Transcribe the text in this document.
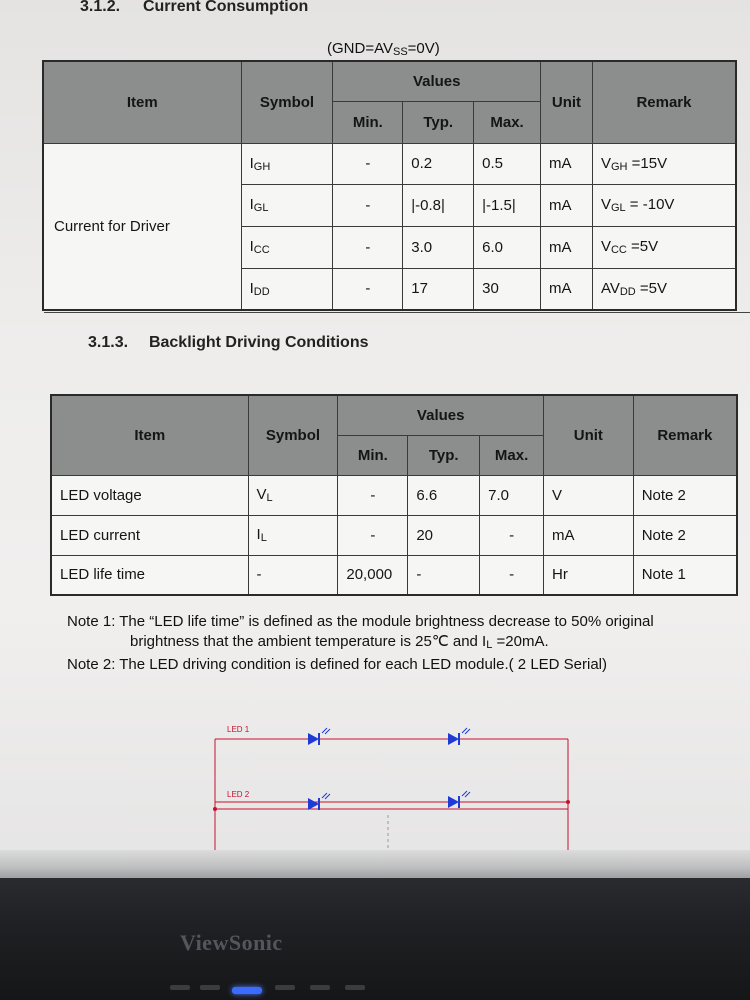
3.1.2. Current Consumption
$(GND=AV_{SS}=0V)$
Item	Symbol	Values			Unit	Remark
		Min.	Typ.	Max.		
Current for Driver	$I_{GH}$	-	0.2	0.5	mA	$V_{GH} =15V$
	$I_{GL}$	-	|-0.8|	|-1.5|	mA	$V_{GL} = -10V$
	$I_{CC}$	-	3.0	6.0	mA	$V_{CC} =5V$
	$I_{DD}$	-	17	30	mA	$AV_{DD} =5V$
3.1.3. Backlight Driving Conditions
Item	Symbol	Values			Unit	Remark
		Min.	Typ.	Max.		
LED voltage	$V_L$	-	6.6	7.0	V	Note 2
LED current	$I_L$	-	20	-	mA	Note 2
LED life time	-	20,000	-	-	Hr	Note 1
Note 1: The “LED life time” is defined as the module brightness decrease to 50% original
brightness that the ambient temperature is 25℃ and $I_L =20mA$.
Note 2: The LED driving condition is defined for each LED module.( 2 LED Serial)
LED 1
LED 2
ViewSonic
